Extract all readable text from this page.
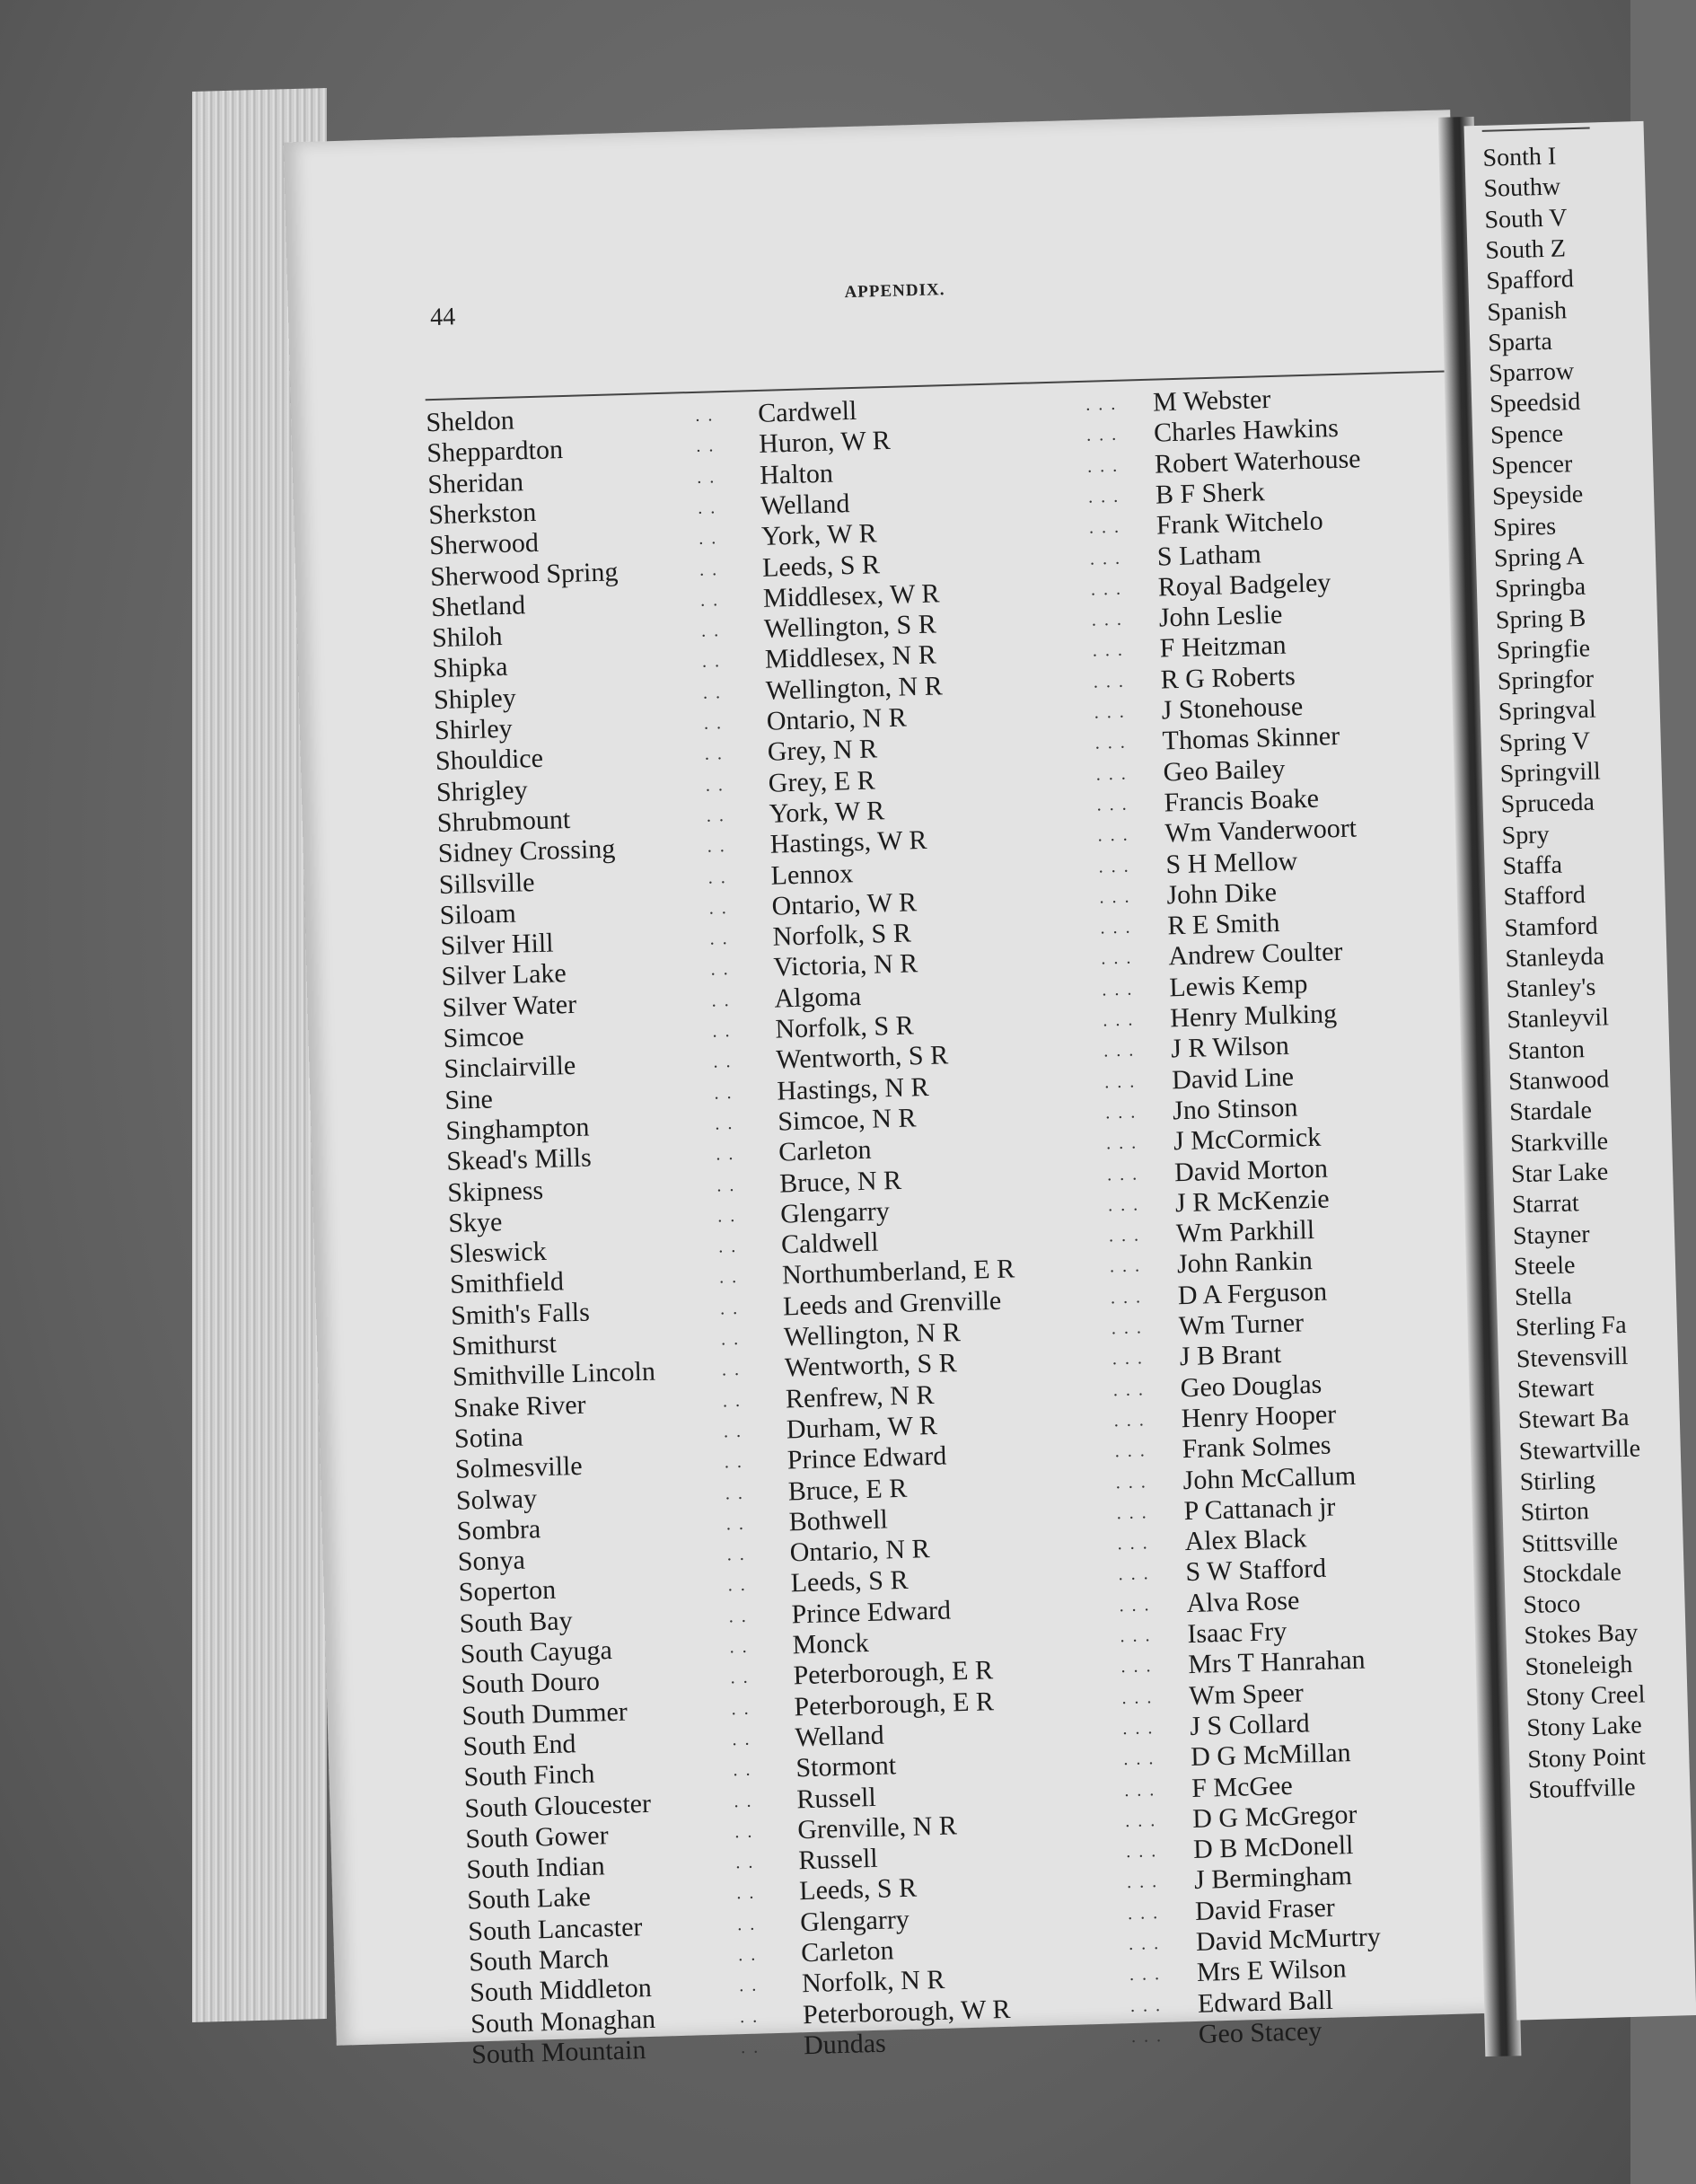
44
APPENDIX.
Sheldon	. . Cardwell	. . . M Webster
Sheppardton	. . Huron, W R	. . . Charles Hawkins
Sheridan	. . Halton	. . . Robert Waterhouse
Sherkston	. . Welland	. . . B F Sherk
Sherwood	. . York, W R	. . . Frank Witchelo
Sherwood Spring	. . Leeds, S R	. . . S Latham
Shetland	. . Middlesex, W R	. . . Royal Badgeley
Shiloh	. . Wellington, S R	. . . John Leslie
Shipka	. . Middlesex, N R	. . . F Heitzman
Shipley	. . Wellington, N R	. . . R G Roberts
Shirley	. . Ontario, N R	. . . J Stonehouse
Shouldice	. . Grey, N R	. . . Thomas Skinner
Shrigley	. . Grey, E R	. . . Geo Bailey
Shrubmount	. . York, W R	. . . Francis Boake
Sidney Crossing	. . Hastings, W R	. . . Wm Vanderwoort
Sillsville	. . Lennox	. . . S H Mellow
Siloam	. . Ontario, W R	. . . John Dike
Silver Hill	. . Norfolk, S R	. . . R E Smith
Silver Lake	. . Victoria, N R	. . . Andrew Coulter
Silver Water	. . Algoma	. . . Lewis Kemp
Simcoe	. . Norfolk, S R	. . . Henry Mulking
Sinclairville	. . Wentworth, S R	. . . J R Wilson
Sine	. . Hastings, N R	. . . David Line
Singhampton	. . Simcoe, N R	. . . Jno Stinson
Skead's Mills	. . Carleton	. . . J McCormick
Skipness	. . Bruce, N R	. . . David Morton
Skye	. . Glengarry	. . . J R McKenzie
Sleswick	. . Caldwell	. . . Wm Parkhill
Smithfield	. . Northumberland, E R	. . . John Rankin
Smith's Falls	. . Leeds and Grenville	. . . D A Ferguson
Smithurst	. . Wellington, N R	. . . Wm Turner
Smithville Lincoln	. . Wentworth, S R	. . . J B Brant
Snake River	. . Renfrew, N R	. . . Geo Douglas
Sotina	. . Durham, W R	. . . Henry Hooper
Solmesville	. . Prince Edward	. . . Frank Solmes
Solway	. . Bruce, E R	. . . John McCallum
Sombra	. . Bothwell	. . . P Cattanach jr
Sonya	. . Ontario, N R	. . . Alex Black
Soperton	. . Leeds, S R	. . . S W Stafford
South Bay	. . Prince Edward	. . . Alva Rose
South Cayuga	. . Monck	. . . Isaac Fry
South Douro	. . Peterborough, E R	. . . Mrs T Hanrahan
South Dummer	. . Peterborough, E R	. . . Wm Speer
South End	. . Welland	. . . J S Collard
South Finch	. . Stormont	. . . D G McMillan
South Gloucester	. . Russell	. . . F McGee
South Gower	. . Grenville, N R	. . . D G McGregor
South Indian	. . Russell	. . . D B McDonell
South Lake	. . Leeds, S R	. . . J Bermingham
South Lancaster	. . Glengarry	. . . David Fraser
South March	. . Carleton	. . . David McMurtry
South Middleton	. . Norfolk, N R	. . . Mrs E Wilson
South Monaghan	. . Peterborough, W R	. . . Edward Ball
South Mountain	. . Dundas	. . . Geo Stacey
Sonth I
Southw
South V
South Z
Spafford
Spanish
Sparta
Sparrow
Speedsid
Spence
Spencer
Speyside
Spires
Spring A
Springba
Spring B
Springfie
Springfor
Springval
Spring V
Springvill
Spruceda
Spry
Staffa
Stafford
Stamford
Stanleyda
Stanley's
Stanleyvil
Stanton
Stanwood
Stardale
Starkville
Star Lake
Starrat
Stayner
Steele
Stella
Sterling Fa
Stevensvill
Stewart
Stewart Ba
Stewartville
Stirling
Stirton
Stittsville
Stockdale
Stoco
Stokes Bay
Stoneleigh
Stony Creel
Stony Lake
Stony Point
Stouffville
